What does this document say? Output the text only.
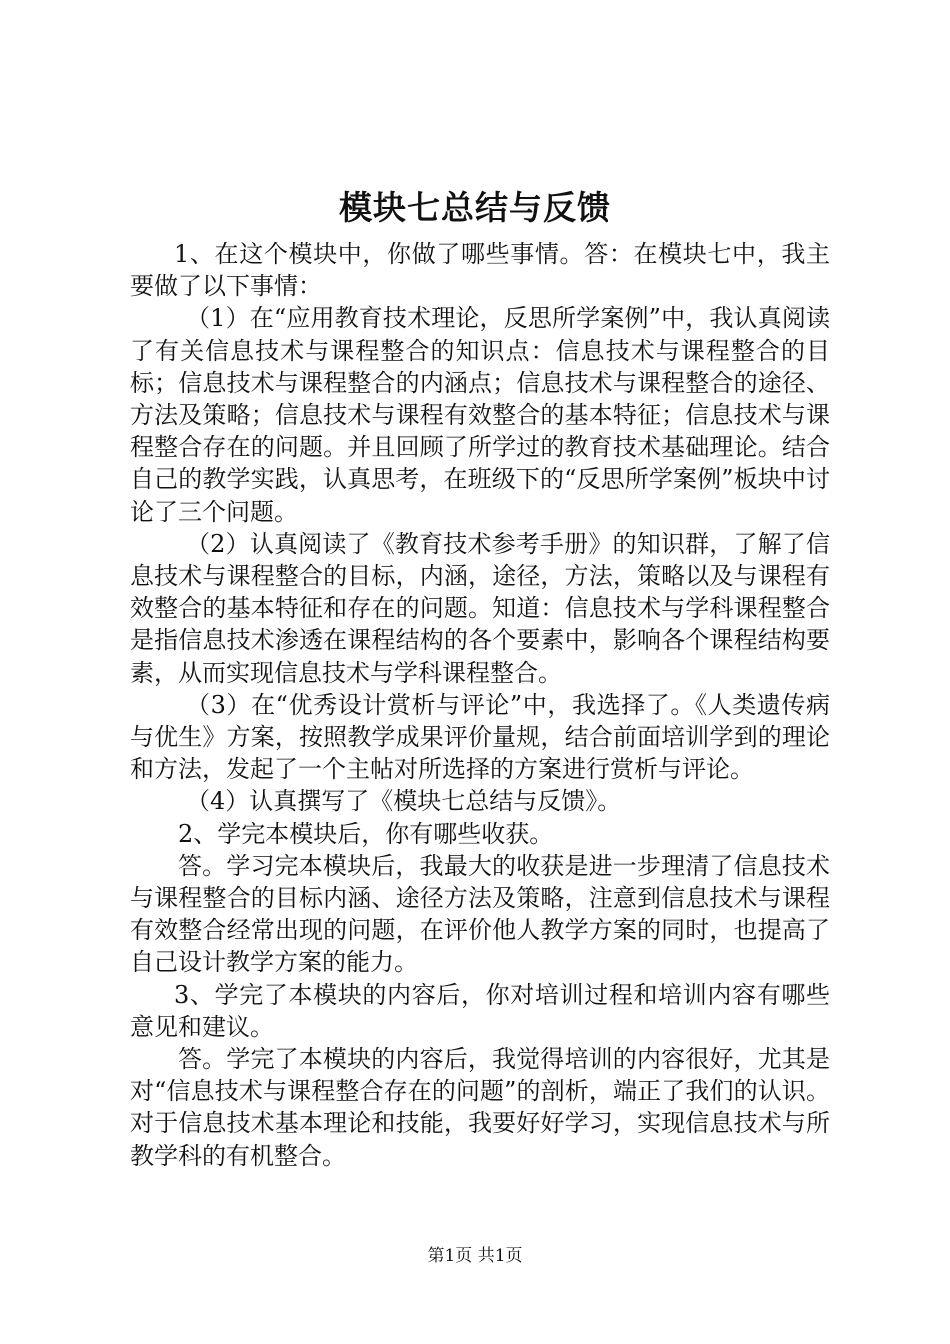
模块七总结与反馈

1、在这个模块中，你做了哪些事情。答：在模块七中，我主要做了以下事情：

（1）在“应用教育技术理论，反思所学案例”中，我认真阅读了有关信息技术与课程整合的知识点：信息技术与课程整合的目标；信息技术与课程整合的内涵点；信息技术与课程整合的途径、方法及策略；信息技术与课程有效整合的基本特征；信息技术与课程整合存在的问题。并且回顾了所学过的教育技术基础理论。结合自己的教学实践，认真思考，在班级下的“反思所学案例”板块中讨论了三个问题。

（2）认真阅读了《教育技术参考手册》的知识群，了解了信息技术与课程整合的目标，内涵，途径，方法，策略以及与课程有效整合的基本特征和存在的问题。知道：信息技术与学科课程整合是指信息技术渗透在课程结构的各个要素中，影响各个课程结构要素，从而实现信息技术与学科课程整合。

（3）在“优秀设计赏析与评论”中，我选择了。《人类遗传病与优生》方案，按照教学成果评价量规，结合前面培训学到的理论和方法，发起了一个主帖对所选择的方案进行赏析与评论。

（4）认真撰写了《模块七总结与反馈》。

2、学完本模块后，你有哪些收获。

答。学习完本模块后，我最大的收获是进一步理清了信息技术与课程整合的目标内涵、途径方法及策略，注意到信息技术与课程有效整合经常出现的问题，在评价他人教学方案的同时，也提高了自己设计教学方案的能力。

3、学完了本模块的内容后，你对培训过程和培训内容有哪些意见和建议。

答。学完了本模块的内容后，我觉得培训的内容很好，尤其是对“信息技术与课程整合存在的问题”的剖析，端正了我们的认识。对于信息技术基本理论和技能，我要好好学习，实现信息技术与所教学科的有机整合。

第1页 共1页
